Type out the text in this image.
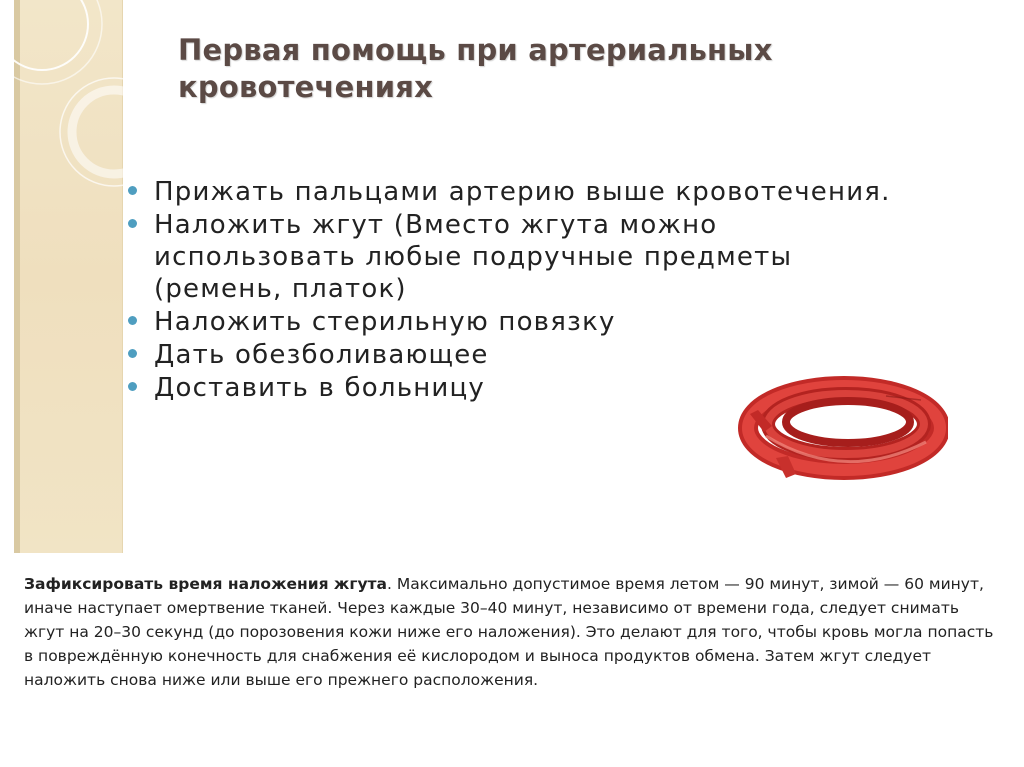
Первая помощь при артериальных кровотечениях
Прижать пальцами артерию выше кровотечения.
Наложить жгут (Вместо жгута можно использовать любые подручные предметы (ремень, платок)
Наложить стерильную повязку
Дать обезболивающее
Доставить в больницу

Зафиксировать время наложения жгута. Максимально допустимое время летом — 90 минут, зимой — 60 минут, иначе наступает омертвение тканей. Через каждые 30–40 минут, независимо от времени года, следует снимать жгут на 20–30 секунд (до порозовения кожи ниже его наложения). Это делают для того, чтобы кровь могла попасть в повреждённую конечность для снабжения её кислородом и выноса продуктов обмена. Затем жгут следует наложить снова ниже или выше его прежнего расположения.
